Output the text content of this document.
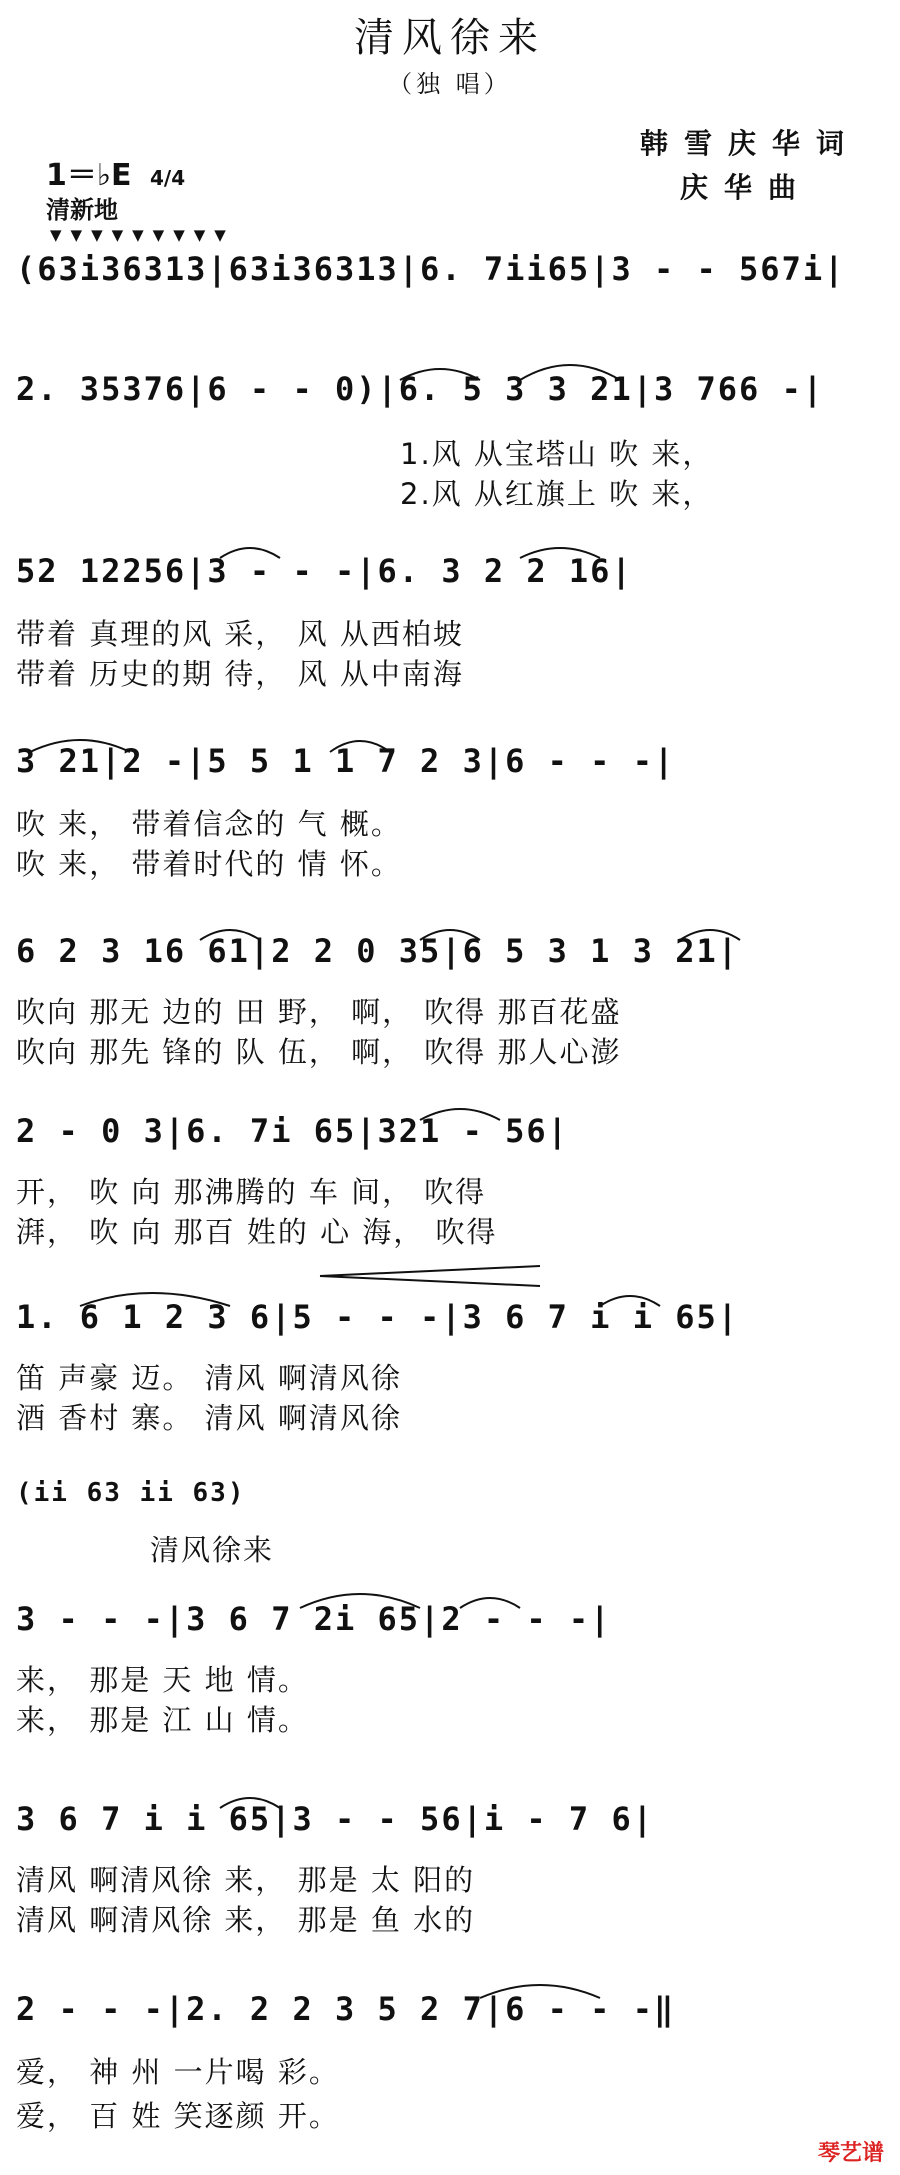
清风徐来
（独 唱）
1＝♭E 4/4
清新地
韩雪庆华词
庆华曲
▼▼▼▼▼▼▼▼▼
(63i36313|63i36313|6. 7ii65|3 - - 567i|
2. 35376|6 - - 0)|6. 5 3 3 21|3 766 -|
1.风 从宝塔山 吹 来，
2.风 从红旗上 吹 来，
52 12256|3 - - -|6. 3 2 2 16|
带着 真理的风 采， 风 从西柏坡
带着 历史的期 待， 风 从中南海
3 21|2 -|5 5 1 1 7 2 3|6 - - -|
吹 来， 带着信念的 气 概。
吹 来， 带着时代的 情 怀。
6 2 3 16 61|2 2 0 35|6 5 3 1 3 21|
吹向 那无 边的 田 野， 啊， 吹得 那百花盛
吹向 那先 锋的 队 伍， 啊， 吹得 那人心澎
2 - 0 3|6. 7i 65|321 - 56|
开， 吹 向 那沸腾的 车 间， 吹得
湃， 吹 向 那百 姓的 心 海， 吹得
1. 6 1 2 3 6|5 - - -|3 6 7 i i 65|
笛 声豪 迈。 清风 啊清风徐
酒 香村 寨。 清风 啊清风徐
(ii 63 ii 63)
清风徐来
3 - - -|3 6 7 2i 65|2 - - -|
来， 那是 天 地 情。
来， 那是 江 山 情。
3 6 7 i i 65|3 - - 56|i - 7 6|
清风 啊清风徐 来， 那是 太 阳的
清风 啊清风徐 来， 那是 鱼 水的
2 - - -|2. 2 2 3 5 2 7|6 - - -‖
爱， 神 州 一片喝 彩。
爱， 百 姓 笑逐颜 开。
琴艺谱
